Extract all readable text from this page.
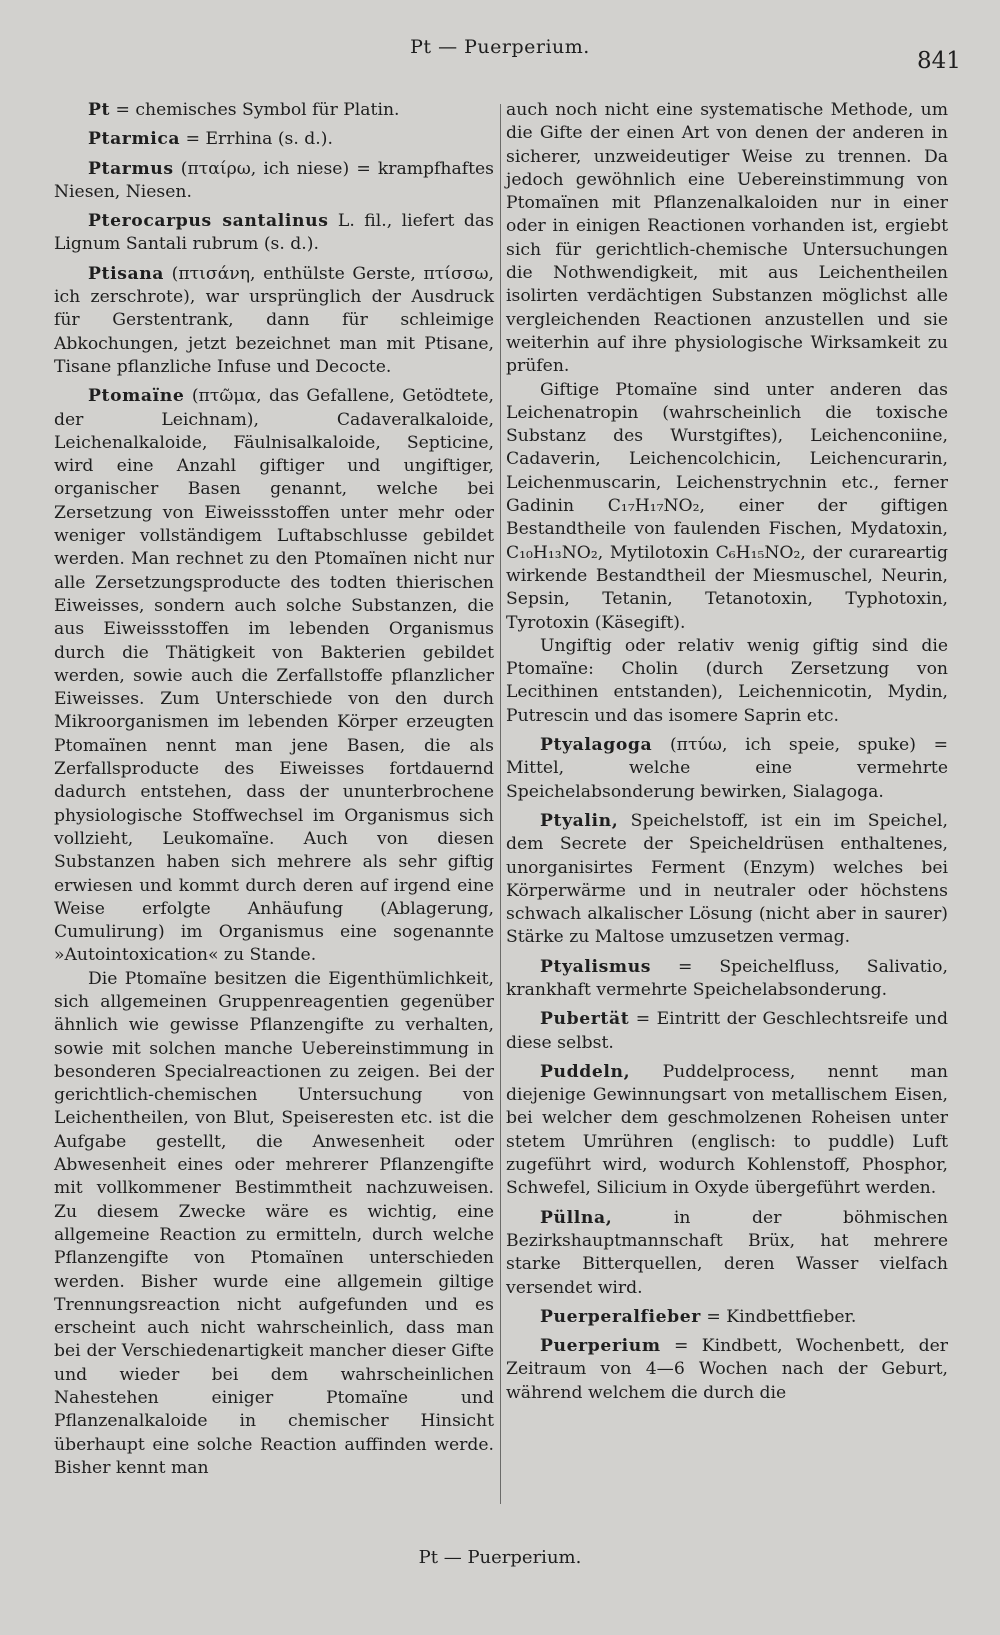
Pt — Puerperium.
841

Pt = chemisches Symbol für Platin.

Ptarmica = Errhina (s. d.).

Ptarmus (πταίρω, ich niese) = krampfhaftes Niesen, Niesen.

Pterocarpus santalinus L. fil., liefert das Lignum Santali rubrum (s. d.).

Ptisana (πτισάνη, enthülste Gerste, πτίσσω, ich zerschrote), war ursprünglich der Ausdruck für Gerstentrank, dann für schleimige Abkochungen, jetzt bezeichnet man mit Ptisane, Tisane pflanzliche Infuse und Decocte.

Ptomaïne (πτῶμα, das Gefallene, Getödtete, der Leichnam), Cadaveralkaloide, Leichenalkaloide, Fäulnisalkaloide, Septicine, wird eine Anzahl giftiger und ungiftiger, organischer Basen genannt, welche bei Zersetzung von Eiweissstoffen unter mehr oder weniger vollständigem Luftabschlusse gebildet werden. Man rechnet zu den Ptomaïnen nicht nur alle Zersetzungsproducte des todten thierischen Eiweisses, sondern auch solche Substanzen, die aus Eiweissstoffen im lebenden Organismus durch die Thätigkeit von Bakterien gebildet werden, sowie auch die Zerfallstoffe pflanzlicher Eiweisses. Zum Unterschiede von den durch Mikroorganismen im lebenden Körper erzeugten Ptomaïnen nennt man jene Basen, die als Zerfallsproducte des Eiweisses fortdauernd dadurch entstehen, dass der ununterbrochene physiologische Stoffwechsel im Organismus sich vollzieht, Leukomaïne. Auch von diesen Substanzen haben sich mehrere als sehr giftig erwiesen und kommt durch deren auf irgend eine Weise erfolgte Anhäufung (Ablagerung, Cumulirung) im Organismus eine sogenannte »Autointoxication« zu Stande.

Die Ptomaïne besitzen die Eigenthümlichkeit, sich allgemeinen Gruppenreagentien gegenüber ähnlich wie gewisse Pflanzengifte zu verhalten, sowie mit solchen manche Uebereinstimmung in besonderen Specialreactionen zu zeigen. Bei der gerichtlich-chemischen Untersuchung von Leichentheilen, von Blut, Speiseresten etc. ist die Aufgabe gestellt, die Anwesenheit oder Abwesenheit eines oder mehrerer Pflanzengifte mit vollkommener Bestimmtheit nachzuweisen. Zu diesem Zwecke wäre es wichtig, eine allgemeine Reaction zu ermitteln, durch welche Pflanzengifte von Ptomaïnen unterschieden werden. Bisher wurde eine allgemein giltige Trennungsreaction nicht aufgefunden und es erscheint auch nicht wahrscheinlich, dass man bei der Verschiedenartigkeit mancher dieser Gifte und wieder bei dem wahrscheinlichen Nahestehen einiger Ptomaïne und Pflanzenalkaloide in chemischer Hinsicht überhaupt eine solche Reaction auffinden werde. Bisher kennt man

auch noch nicht eine systematische Methode, um die Gifte der einen Art von denen der anderen in sicherer, unzweideutiger Weise zu trennen. Da jedoch gewöhnlich eine Uebereinstimmung von Ptomaïnen mit Pflanzenalkaloiden nur in einer oder in einigen Reactionen vorhanden ist, ergiebt sich für gerichtlich-chemische Untersuchungen die Nothwendigkeit, mit aus Leichentheilen isolirten verdächtigen Substanzen möglichst alle vergleichenden Reactionen anzustellen und sie weiterhin auf ihre physiologische Wirksamkeit zu prüfen.

Giftige Ptomaïne sind unter anderen das Leichenatropin (wahrscheinlich die toxische Substanz des Wurstgiftes), Leichenconiine, Cadaverin, Leichencolchicin, Leichencurarin, Leichenmuscarin, Leichenstrychnin etc., ferner Gadinin C₁₇H₁₇NO₂, einer der giftigen Bestandtheile von faulenden Fischen, Mydatoxin, C₁₀H₁₃NO₂, Mytilotoxin C₆H₁₅NO₂, der curareartig wirkende Bestandtheil der Miesmuschel, Neurin, Sepsin, Tetanin, Tetanotoxin, Typhotoxin, Tyrotoxin (Käsegift).

Ungiftig oder relativ wenig giftig sind die Ptomaïne: Cholin (durch Zersetzung von Lecithinen entstanden), Leichennicotin, Mydin, Putrescin und das isomere Saprin etc.

Ptyalagoga (πτύω, ich speie, spuke) = Mittel, welche eine vermehrte Speichelabsonderung bewirken, Sialagoga.

Ptyalin, Speichelstoff, ist ein im Speichel, dem Secrete der Speicheldrüsen enthaltenes, unorganisirtes Ferment (Enzym) welches bei Körperwärme und in neutraler oder höchstens schwach alkalischer Lösung (nicht aber in saurer) Stärke zu Maltose umzusetzen vermag.

Ptyalismus = Speichelfluss, Salivatio, krankhaft vermehrte Speichelabsonderung.

Pubertät = Eintritt der Geschlechtsreife und diese selbst.

Puddeln, Puddelprocess, nennt man diejenige Gewinnungsart von metallischem Eisen, bei welcher dem geschmolzenen Roheisen unter stetem Umrühren (englisch: to puddle) Luft zugeführt wird, wodurch Kohlenstoff, Phosphor, Schwefel, Silicium in Oxyde übergeführt werden.

Püllna, in der böhmischen Bezirkshauptmannschaft Brüx, hat mehrere starke Bitterquellen, deren Wasser vielfach versendet wird.

Puerperalfieber = Kindbettfieber.

Puerperium = Kindbett, Wochenbett, der Zeitraum von 4—6 Wochen nach der Geburt, während welchem die durch die

Pt — Puerperium.
